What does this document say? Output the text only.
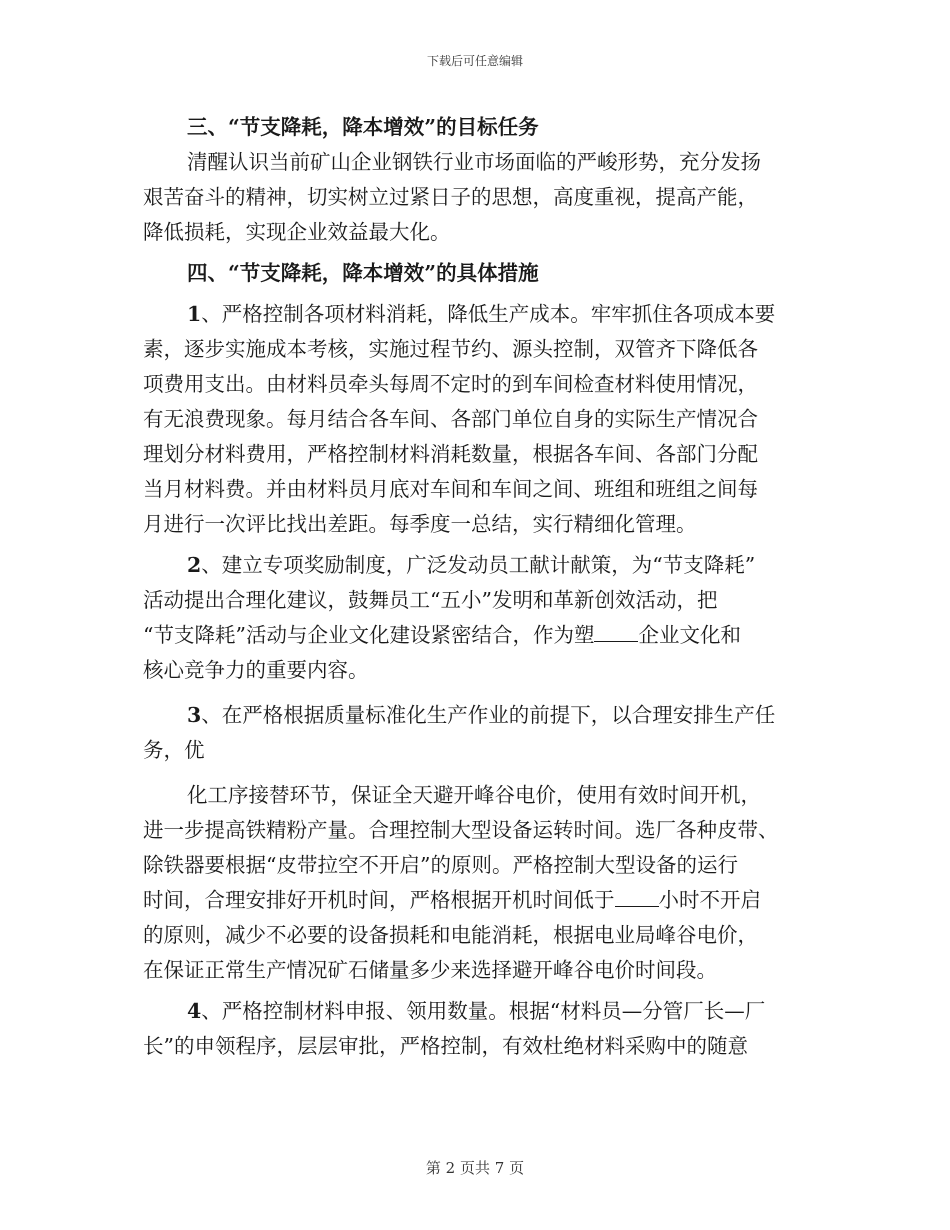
下载后可任意编辑
三、“节支降耗，降本增效”的目标任务
清醒认识当前矿山企业钢铁行业市场面临的严峻形势，充分发扬
艰苦奋斗的精神，切实树立过紧日子的思想，高度重视，提高产能，
降低损耗，实现企业效益最大化。
四、“节支降耗，降本增效”的具体措施
1、严格控制各项材料消耗，降低生产成本。牢牢抓住各项成本要
素，逐步实施成本考核，实施过程节约、源头控制，双管齐下降低各
项费用支出。由材料员牵头每周不定时的到车间检查材料使用情况，
有无浪费现象。每月结合各车间、各部门单位自身的实际生产情况合
理划分材料费用，严格控制材料消耗数量，根据各车间、各部门分配
当月材料费。并由材料员月底对车间和车间之间、班组和班组之间每
月进行一次评比找出差距。每季度一总结，实行精细化管理。
2、建立专项奖励制度，广泛发动员工献计献策，为“节支降耗”
活动提出合理化建议，鼓舞员工“五小”发明和革新创效活动，把
“节支降耗”活动与企业文化建设紧密结合，作为塑 企业文化和
核心竞争力的重要内容。
3、在严格根据质量标准化生产作业的前提下，以合理安排生产任
务，优
化工序接替环节，保证全天避开峰谷电价，使用有效时间开机，
进一步提高铁精粉产量。合理控制大型设备运转时间。选厂各种皮带、
除铁器要根据“皮带拉空不开启”的原则。严格控制大型设备的运行
时间，合理安排好开机时间，严格根据开机时间低于 小时不开启
的原则，减少不必要的设备损耗和电能消耗，根据电业局峰谷电价，
在保证正常生产情况矿石储量多少来选择避开峰谷电价时间段。
4、严格控制材料申报、领用数量。根据“材料员—分管厂长—厂
长”的申领程序，层层审批，严格控制，有效杜绝材料采购中的随意
第 2 页共 7 页
